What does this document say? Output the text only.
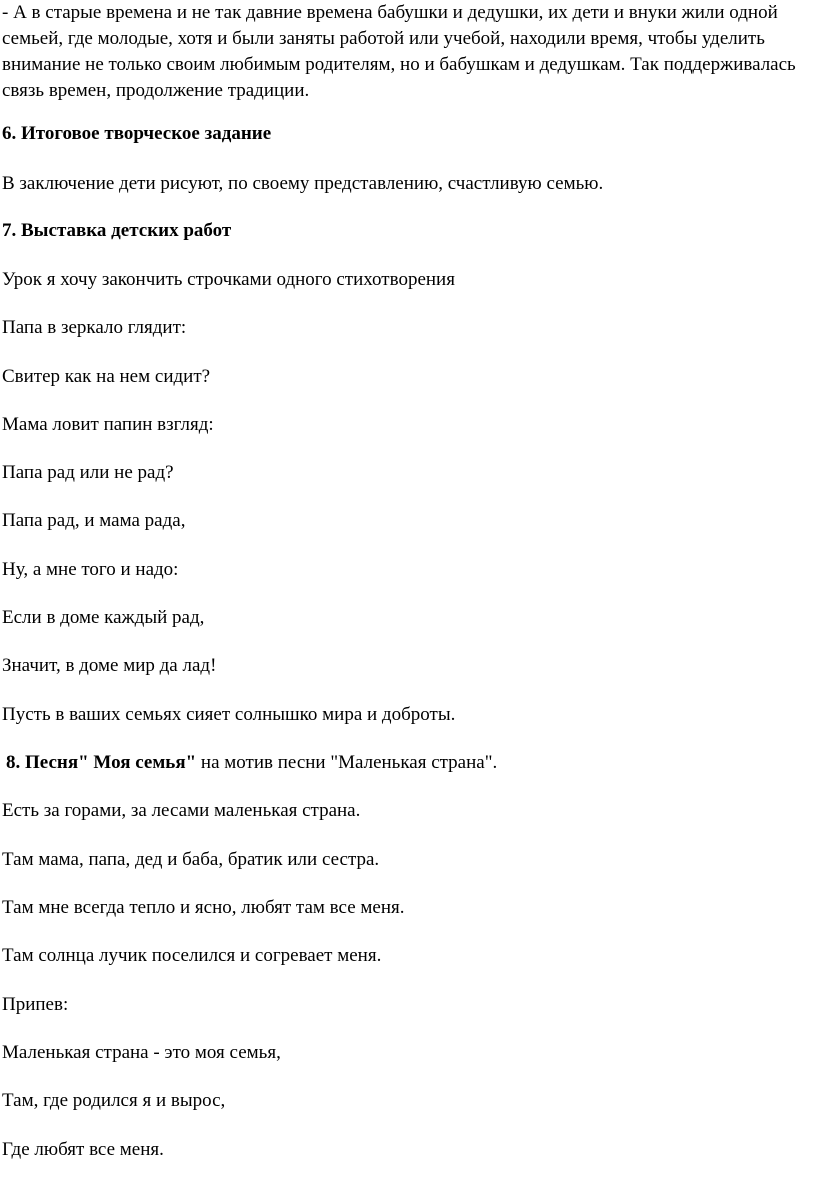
- А в старые времена и не так давние времена бабушки и дедушки, их дети и внуки жили одной семьей, где молодые, хотя и были заняты работой или учебой, находили время, чтобы уделить внимание не только своим любимым родителям, но и бабушкам и дедушкам. Так поддерживалась связь времен, продолжение традиции.

6. Итоговое творческое задание

В заключение дети рисуют, по своему представлению, счастливую семью.

7. Выставка детских работ

Урок я хочу закончить строчками одного стихотворения

Папа в зеркало глядит:

Свитер как на нем сидит?

Мама ловит папин взгляд:

Папа рад или не рад?

Папа рад, и мама рада,

Ну, а мне того и надо:

Если в доме каждый рад,

Значит, в доме мир да лад!

Пусть в ваших семьях сияет солнышко мира и доброты.

8. Песня" Моя семья" на мотив песни "Маленькая страна".

Есть за горами, за лесами маленькая страна.

Там мама, папа, дед и баба, братик или сестра.

Там мне всегда тепло и ясно, любят там все меня.

Там солнца лучик поселился и согревает меня.

Припев:

Маленькая страна - это моя семья,

Там, где родился я и вырос,

Где любят все меня.
